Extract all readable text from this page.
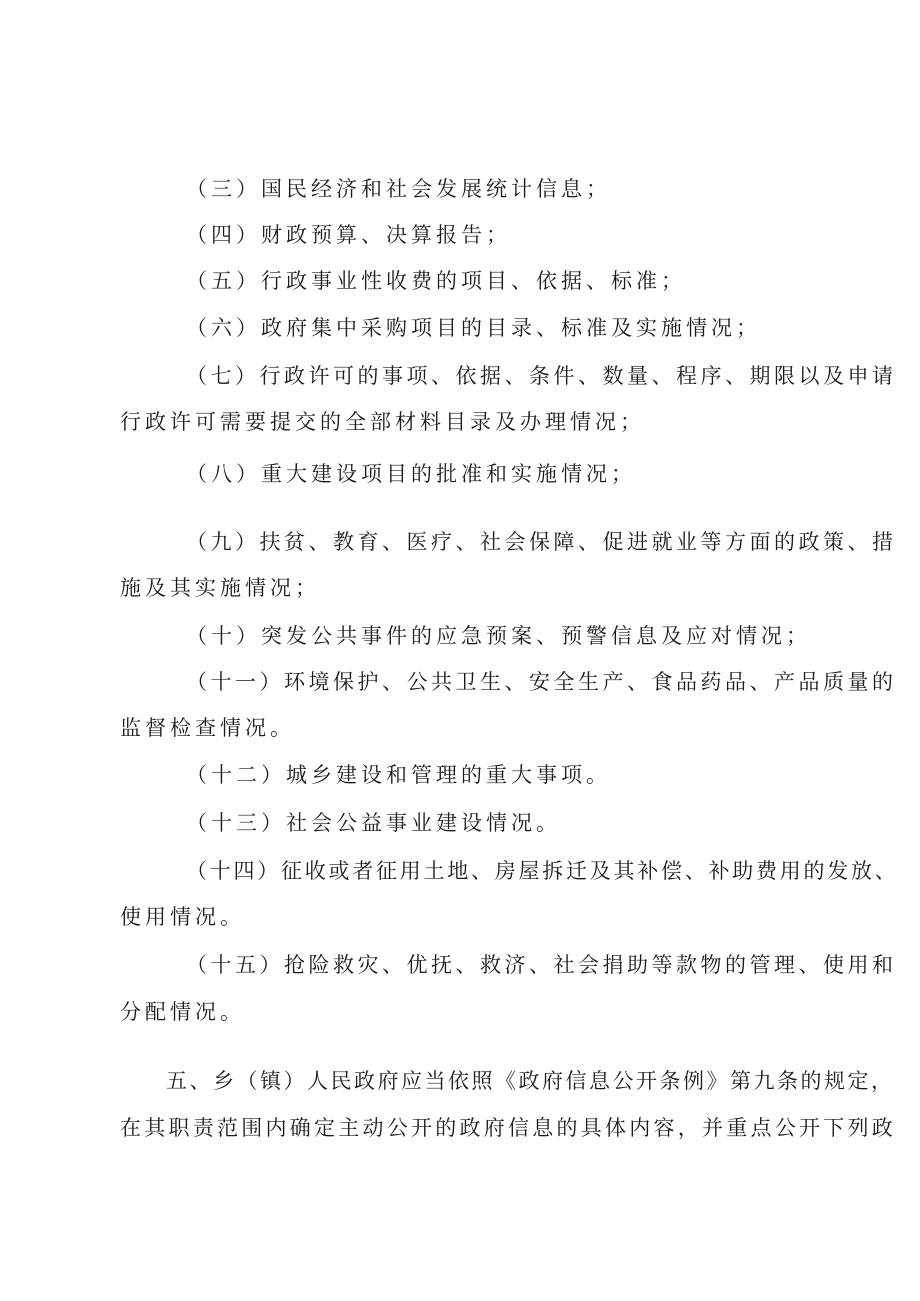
（三）国民经济和社会发展统计信息；
（四）财政预算、决算报告；
（五）行政事业性收费的项目、依据、标准；
（六）政府集中采购项目的目录、标准及实施情况；
（七）行政许可的事项、依据、条件、数量、程序、期限以及申请
行政许可需要提交的全部材料目录及办理情况；
（八）重大建设项目的批准和实施情况；
（九）扶贫、教育、医疗、社会保障、促进就业等方面的政策、措
施及其实施情况；
（十）突发公共事件的应急预案、预警信息及应对情况；
（十一）环境保护、公共卫生、安全生产、食品药品、产品质量的
监督检查情况。
（十二）城乡建设和管理的重大事项。
（十三）社会公益事业建设情况。
（十四）征收或者征用土地、房屋拆迁及其补偿、补助费用的发放、
使用情况。
（十五）抢险救灾、优抚、救济、社会捐助等款物的管理、使用和
分配情况。
五、乡（镇）人民政府应当依照《政府信息公开条例》第九条的规定，
在其职责范围内确定主动公开的政府信息的具体内容，并重点公开下列政
